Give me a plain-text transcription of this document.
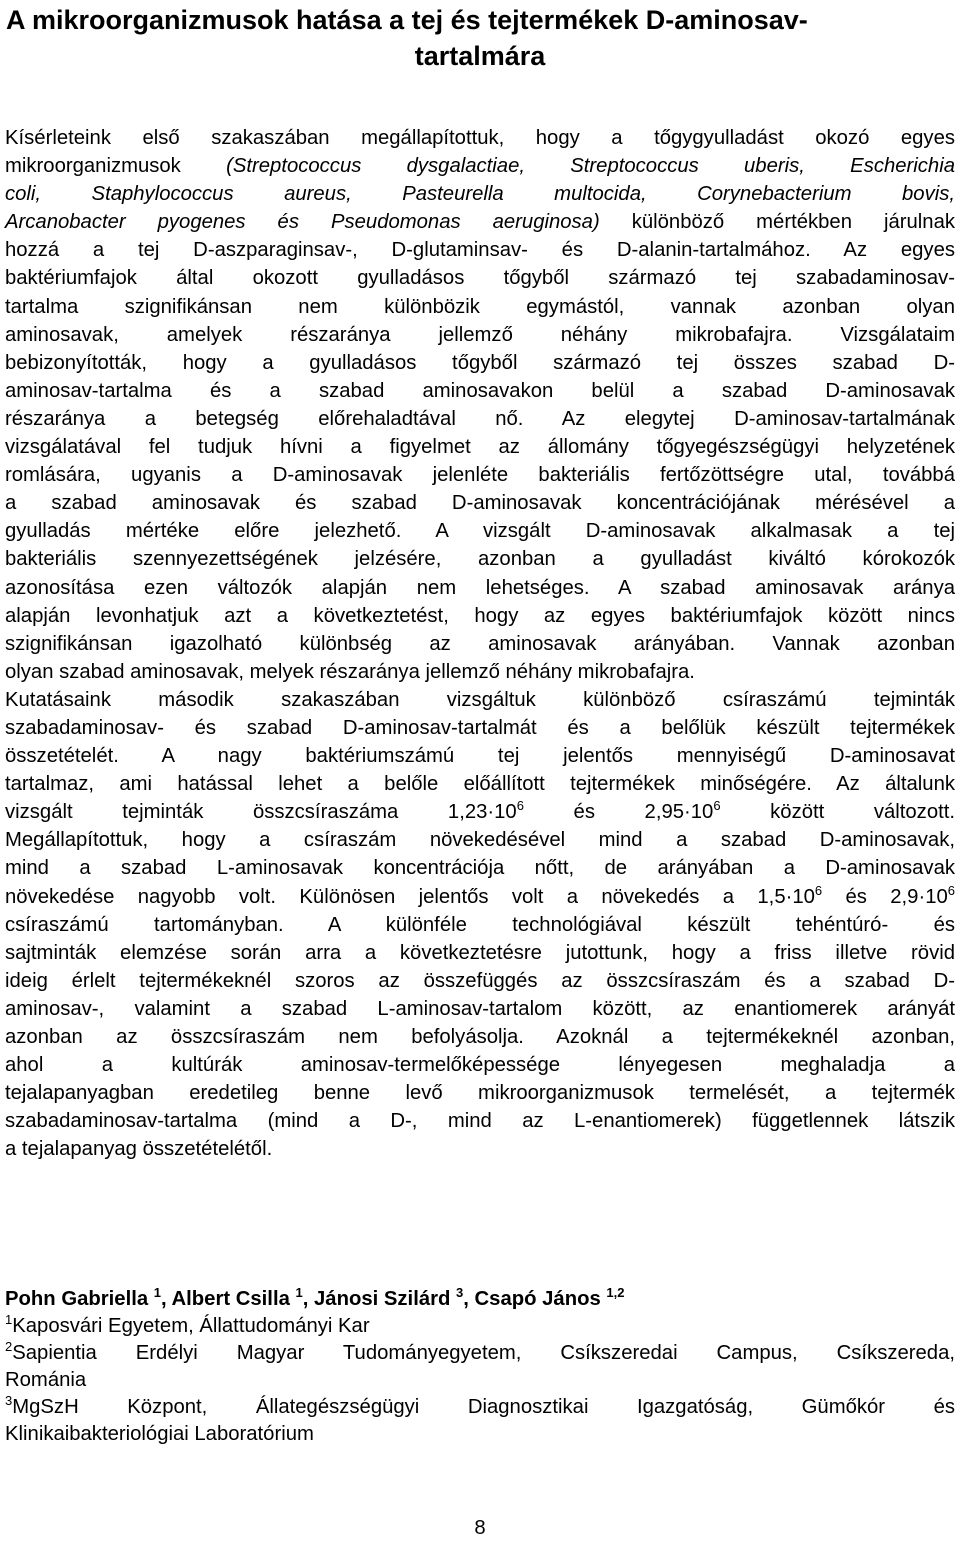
A mikroorganizmusok hatása a tej és tejtermékek D-aminosav-
tartalmára
Kísérleteink első szakaszában megállapítottuk, hogy a tőgygyulladást okozó egyes
mikroorganizmusok (Streptococcus dysgalactiae, Streptococcus uberis, Escherichia
coli, Staphylococcus aureus, Pasteurella multocida, Corynebacterium bovis,
Arcanobacter pyogenes és Pseudomonas aeruginosa) különböző mértékben járulnak
hozzá a tej D-aszparaginsav-, D-glutaminsav- és D-alanin-tartalmához. Az egyes
baktériumfajok által okozott gyulladásos tőgyből származó tej szabadaminosav-
tartalma szignifikánsan nem különbözik egymástól, vannak azonban olyan
aminosavak, amelyek részaránya jellemző néhány mikrobafajra. Vizsgálataim
bebizonyították, hogy a gyulladásos tőgyből származó tej összes szabad D-
aminosav-tartalma és a szabad aminosavakon belül a szabad D-aminosavak
részaránya a betegség előrehaladtával nő. Az elegytej D-aminosav-tartalmának
vizsgálatával fel tudjuk hívni a figyelmet az állomány tőgyegészségügyi helyzetének
romlására, ugyanis a D-aminosavak jelenléte bakteriális fertőzöttségre utal, továbbá
a szabad aminosavak és szabad D-aminosavak koncentrációjának mérésével a
gyulladás mértéke előre jelezhető. A vizsgált D-aminosavak alkalmasak a tej
bakteriális szennyezettségének jelzésére, azonban a gyulladást kiváltó kórokozók
azonosítása ezen változók alapján nem lehetséges. A szabad aminosavak aránya
alapján levonhatjuk azt a következtetést, hogy az egyes baktériumfajok között nincs
szignifikánsan igazolható különbség az aminosavak arányában. Vannak azonban
olyan szabad aminosavak, melyek részaránya jellemző néhány mikrobafajra.
Kutatásaink második szakaszában vizsgáltuk különböző csíraszámú tejminták
szabadaminosav- és szabad D-aminosav-tartalmát és a belőlük készült tejtermékek
összetételét. A nagy baktériumszámú tej jelentős mennyiségű D-aminosavat
tartalmaz, ami hatással lehet a belőle előállított tejtermékek minőségére. Az általunk
vizsgált tejminták összcsíraszáma $1,23\cdot 10^6$ és $2,95\cdot 10^6$ között változott.
Megállapítottuk, hogy a csíraszám növekedésével mind a szabad D-aminosavak,
mind a szabad L-aminosavak koncentrációja nőtt, de arányában a D-aminosavak
növekedése nagyobb volt. Különösen jelentős volt a növekedés a $1,5\cdot 10^6$ és $2,9\cdot 10^6$
csíraszámú tartományban. A különféle technológiával készült tehéntúró- és
sajtminták elemzése során arra a következtetésre jutottunk, hogy a friss illetve rövid
ideig érlelt tejtermékeknél szoros az összefüggés az összcsíraszám és a szabad D-
aminosav-, valamint a szabad L-aminosav-tartalom között, az enantiomerek arányát
azonban az összcsíraszám nem befolyásolja. Azoknál a tejtermékeknél azonban,
ahol a kultúrák aminosav-termelőképessége lényegesen meghaladja a
tejalapanyagban eredetileg benne levő mikroorganizmusok termelését, a tejtermék
szabadaminosav-tartalma (mind a D-, mind az L-enantiomerek) függetlennek látszik
a tejalapanyag összetételétől.
Pohn Gabriella $^1$, Albert Csilla $^1$, Jánosi Szilárd $^3$, Csapó János $^{1,2}$
$^1$Kaposvári Egyetem, Állattudományi Kar
$^2$Sapientia Erdélyi Magyar Tudományegyetem, Csíkszeredai Campus, Csíkszereda,
Románia
$^3$MgSzH Központ, Állategészségügyi Diagnosztikai Igazgatóság, Gümőkór és
Klinikaibakteriológiai Laboratórium
8
